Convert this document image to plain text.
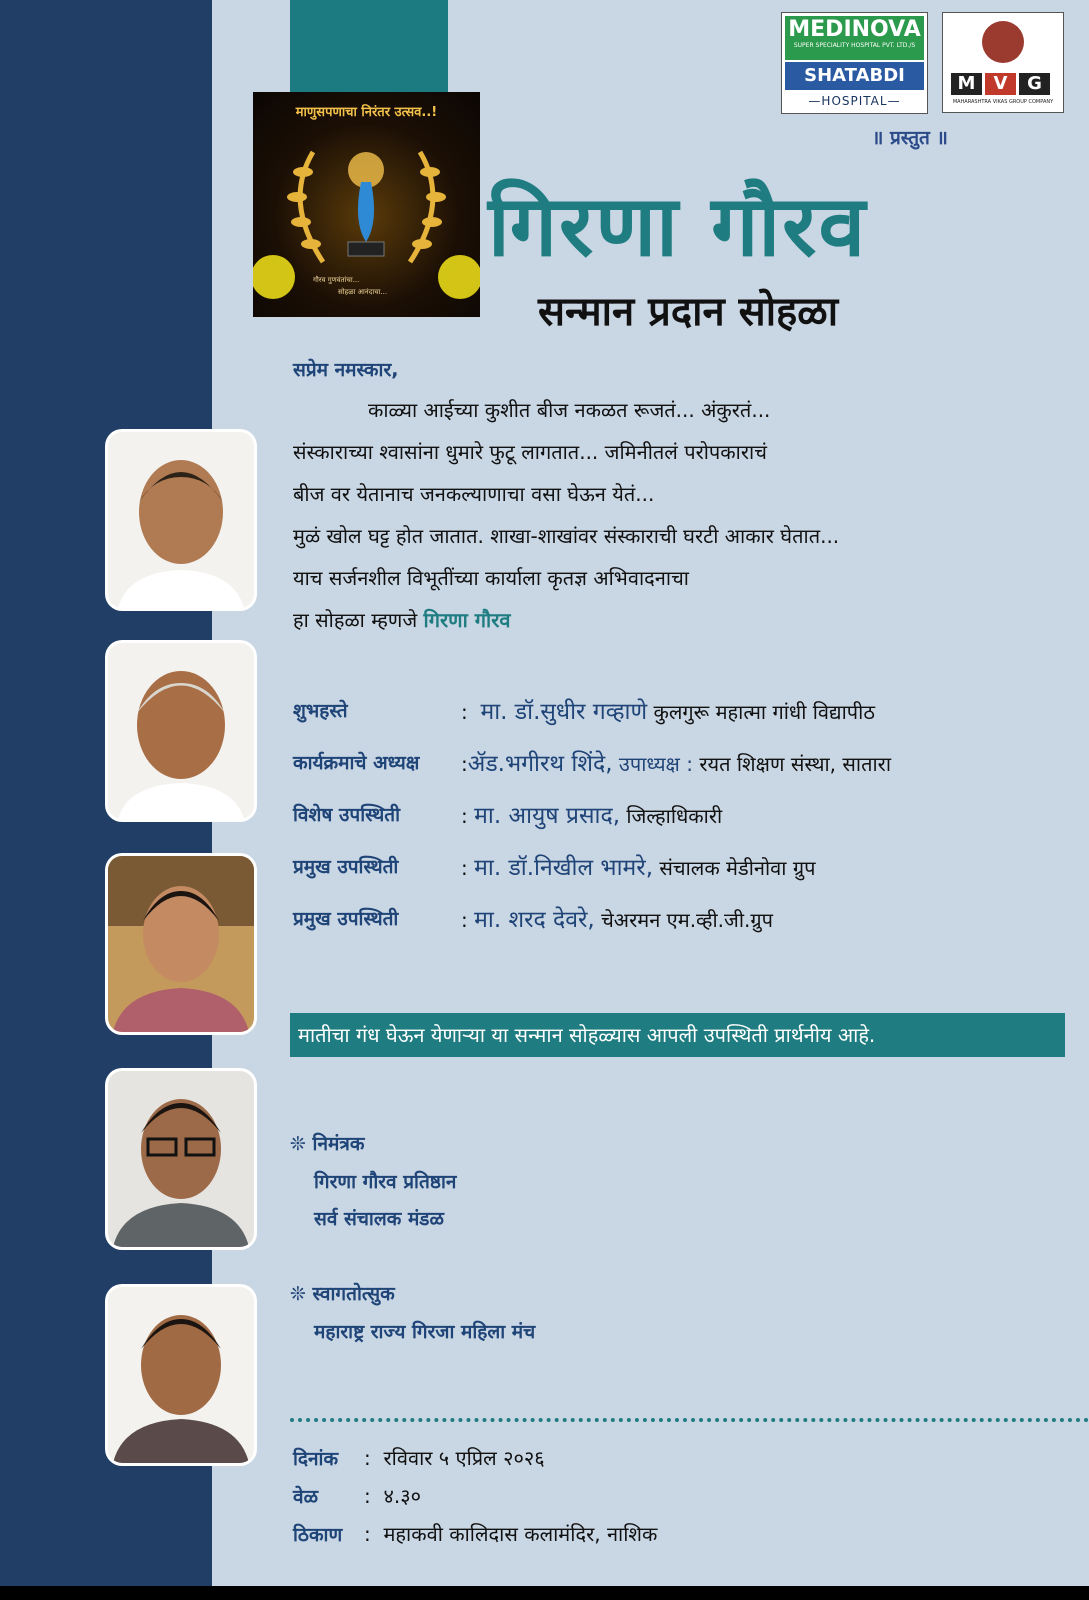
माणुसपणाचा निरंतर उत्सव..!
गौरव गुणवंतांचा...
सोहळा आनंदाचा...
MEDINOVA
SUPER SPECIALITY HOSPITAL PVT. LTD./S
SHATABDI
—HOSPITAL—
M V G
MAHARASHTRA VIKAS GROUP COMPANY
॥ प्रस्तुत ॥
गिरणा गौरव
सन्मान प्रदान सोहळा
सप्रेम नमस्कार,
काळ्या आईच्या कुशीत बीज नकळत रूजतं... अंकुरतं...
संस्काराच्या श्वासांना धुमारे फुटू लागतात... जमिनीतलं परोपकाराचं
बीज वर येतानाच जनकल्याणाचा वसा घेऊन येतं...
मुळं खोल घट्ट होत जातात. शाखा-शाखांवर संस्काराची घरटी आकार घेतात...
याच सर्जनशील विभूतींच्या कार्याला कृतज्ञ अभिवादनाचा
हा सोहळा म्हणजे गिरणा गौरव
शुभहस्ते	: मा. डॉ.सुधीर गव्हाणे कुलगुरू महात्मा गांधी विद्यापीठ
कार्यक्रमाचे अध्यक्ष :ॲड.भगीरथ शिंदे, उपाध्यक्ष : रयत शिक्षण संस्था, सातारा
विशेष उपस्थिती	: मा. आयुष प्रसाद, जिल्हाधिकारी
प्रमुख उपस्थिती	: मा. डॉ.निखील भामरे, संचालक मेडीनोवा ग्रुप
प्रमुख उपस्थिती	: मा. शरद देवरे, चेअरमन एम.व्ही.जी.ग्रुप
मातीचा गंध घेऊन येणाऱ्या या सन्मान सोहळ्यास आपली उपस्थिती प्रार्थनीय आहे.
❊ निमंत्रक
गिरणा गौरव प्रतिष्ठान
सर्व संचालक मंडळ
❊ स्वागतोत्सुक
महाराष्ट्र राज्य गिरजा महिला मंच
दिनांक : रविवार ५ एप्रिल २०२६
वेळ : ४.३०
ठिकाण : महाकवी कालिदास कलामंदिर, नाशिक
